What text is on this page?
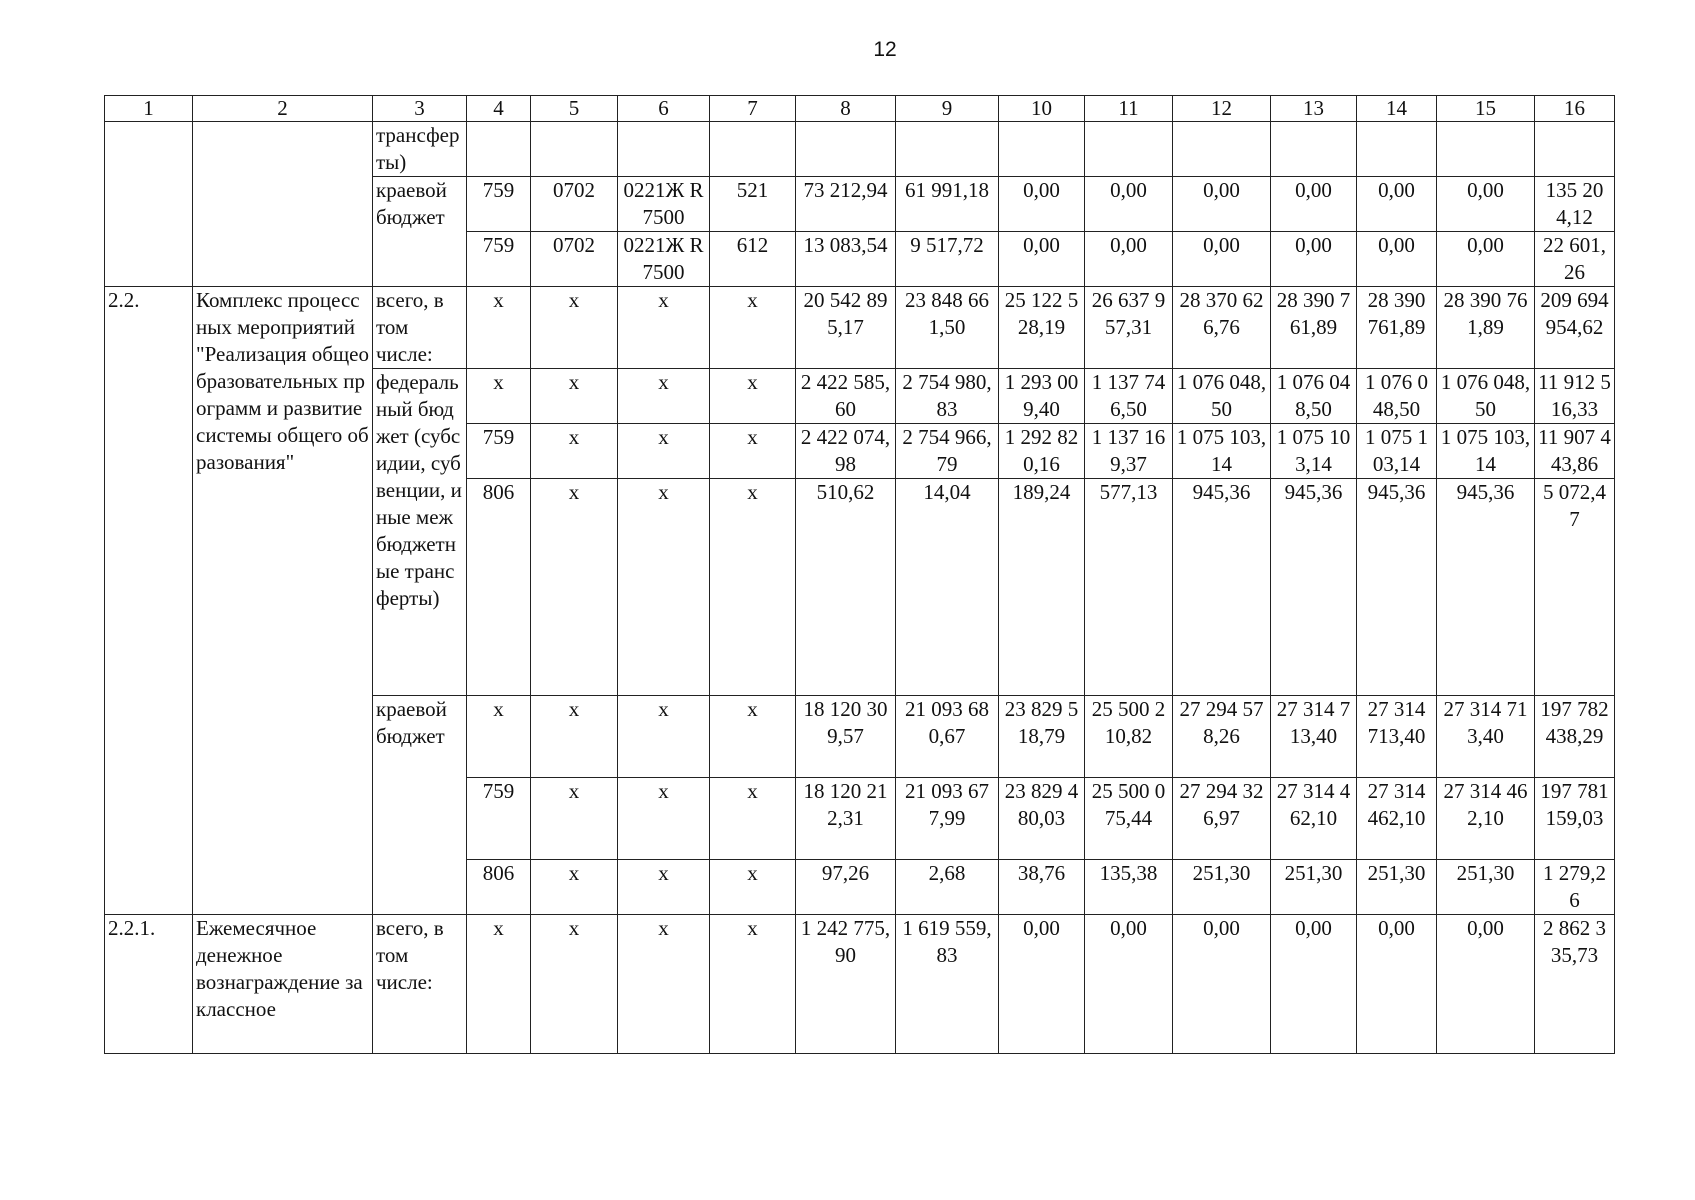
12
1	2	3	4	5	6	7	8	9	10	11	12	13	14	15	16
		трансферты)													
		краевой бюджет	759	0702	0221Ж R7500	521	73 212,94	61 991,18	0,00	0,00	0,00	0,00	0,00	0,00	135 204,12
			759	0702	0221Ж R7500	612	13 083,54	9 517,72	0,00	0,00	0,00	0,00	0,00	0,00	22 601,26
2.2.	Комплекс процессных мероприятий "Реализация общеобразовательных программ и развитие системы общего образования"	всего, в том числе:	х	х	х	х	20 542 895,17	23 848 661,50	25 122 528,19	26 637 957,31	28 370 626,76	28 390 761,89	28 390 761,89	28 390 761,89	209 694 954,62
		федеральный бюджет (субсидии, субвенции, иные межбюджетные трансферты)	х	х	х	х	2 422 585,60	2 754 980,83	1 293 009,40	1 137 746,50	1 076 048,50	1 076 048,50	1 076 048,50	1 076 048,50	11 912 516,33
			759	х	х	х	2 422 074,98	2 754 966,79	1 292 820,16	1 137 169,37	1 075 103,14	1 075 103,14	1 075 103,14	1 075 103,14	11 907 443,86
			806	х	х	х	510,62	14,04	189,24	577,13	945,36	945,36	945,36	945,36	5 072,47
		краевой бюджет	х	х	х	х	18 120 309,57	21 093 680,67	23 829 518,79	25 500 210,82	27 294 578,26	27 314 713,40	27 314 713,40	27 314 713,40	197 782 438,29
			759	х	х	х	18 120 212,31	21 093 677,99	23 829 480,03	25 500 075,44	27 294 326,97	27 314 462,10	27 314 462,10	27 314 462,10	197 781 159,03
			806	х	х	х	97,26	2,68	38,76	135,38	251,30	251,30	251,30	251,30	1 279,26
2.2.1.	Ежемесячное денежное вознаграждение за классное	всего, в том числе:	х	х	х	х	1 242 775,90	1 619 559,83	0,00	0,00	0,00	0,00	0,00	0,00	2 862 335,73
